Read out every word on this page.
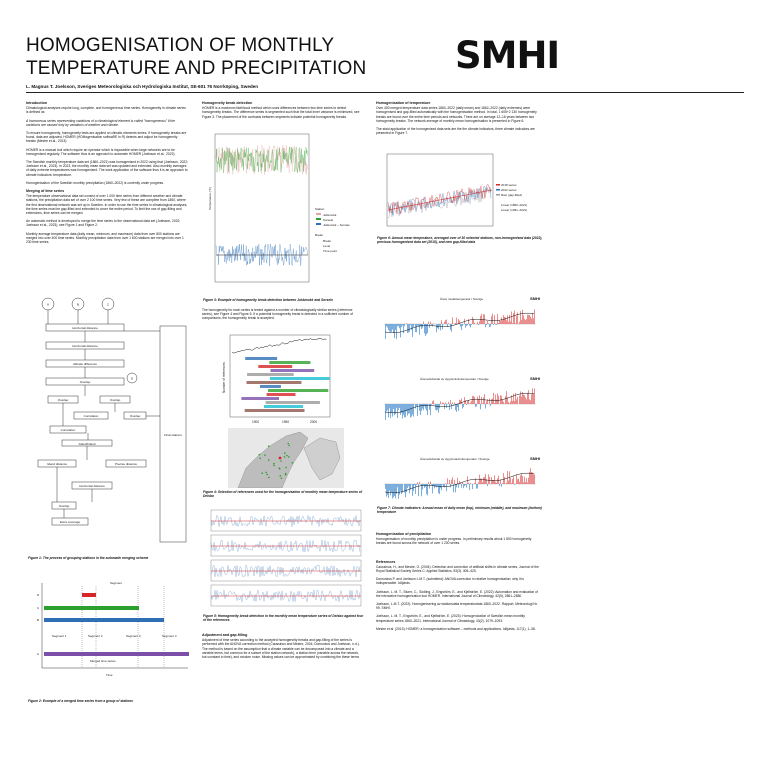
HOMOGENISATION OF MONTHLY
TEMPERATURE AND PRECIPITATION	SMHI
L. Magnus T. Joelsson, Sveriges Meteorologiska och Hydrologiska Institut, SE-601 76 Norrköping, Sweden
Introduction

Climatological analyses require long, complete, and homogeneous time series. Homogeneity in climate series is defined as

A homoneous series representing variations of a climatological element is called "homogeneous" if the variations are caused only by variations of weather and climate.

To ensure homogeneity, homogeneity tests are applied on climatic elements series. If homogeneity breaks are found, data are adjusted. HOMER (HOMogenisation softwaRE in R) detects and adjust for homogeneity breaks (Mestre et al., 2013).

HOMER is a manual tool which require an operator which is impossible when large networks are to be homogenised regularly. The software thus is an approach to automate HOMER (Joelsson et al., 2022).

The Swedish monthly temperature data set (1860–2021) was homogenised in 2022 using that (Joelsson, 2022; Joelsson et al., 2023). In 2023, the monthly mean data set was updated and extended. Also monthly averages of daily extreme temperatures was homogenised. The work application of the software thus it is an approach to climate indicators: temperature.

Homogenisation of the Swedish monthly precipitation (1860–2022) is currently under progress.

Merging of time series

The temperature observational data set consist of over 1 000 time series from different weather and climate stations, the precipitation data set of over 2 100 time series. Very few of these are complete from 1860, where the first observational network was set up in Sweden. In order to use the time series in climatological analyses, the time series must be gap-filled and extended to cover the entire period. To limit the use of gap-filling and extensions, time series can be merged.

An automatic method is developed to merge the time series to the observational data set (Joelsson, 2022; Joelsson et al., 2023), see Figure 1 and Figure 2.

Monthly average temperature data (daily mean, minimum, and maximum) data from over 800 stations are merged into over 400 time series. Monthly precipitation data from over 1 600 stations are merged into over 1 230 time series.

A	B	C
D
Horizontal distance
Horizontal distance
Altitude difference
Overlap
Overlap	Overlap
Correlation
Correlation
Overlap
Island/inland
Island distance	Precise distance
Horizontal distance
Overlap
Extra coverage
Final stations
Figure 1: The process of grouping stations in the automatic merging scheme
D
C
B
A
Segment
Segment 1	Segment 2	Segment 3	Segment 4
Merged time series
Time
Figure 2: Example of a merged time series from a group of stations
Homogeneity break detection

HOMER is a maximum likelihood method which uses differences between two time series to detect homogeneity breaks. The difference series is segmented such that the total inner variance is minimized, see Figure 3. The placement of the contrasts between segments indicate potential homogeneity breaks.

Temperature (°C)	Station
Break
Jokkmokk
Sorsele
Jokkmokk – Sorsele
Break
Level
Time point
Figure 3: Example of homogeneity break detection between Jokkmokk and Sorsele

The homogeneity for each series is tested against a number of climatologically similar series (reference series), see Figure 4 and Figure 5. If a potential homogeneity break is detected in a sufficient number of comparisons, the homogeneity break is accepted.

1900	1950	2000
Number of references
Figure 4: Selection of references used for the homogenisation of monthly mean temperature series of Delsbo
Figure 5: Homogeneity break detection in the monthly mean temperature series of Delsbo against four of the references
Adjustment and gap-filling

Adjustment of time series according to the accepted homogeneity breaks and gap-filling of the series is performed with the ANOVA correction method (Caussinus and Mestre, 2004; Domonkos and Joelsson, n.d.). The method is based on the assumption that a climate variable can be decomposed into a climate and a variable terms, but common for a subset of the station network), a station term (variable across the network, but constant in time), and random noise. Missing values can be approximated by combining the these terms

Homogenisation of temperature

Over 400 merged temperature data series 1860–2022 (daily mean) and 1862–2022 (daily extremes) were homogenised and gap-filled automatically with the homogenisation method. In total, 1 605+2 130 homogeneity breaks are found over the entire time periods and networks. There are on average 12–16 years between two homogeneity breaks. The network average of monthly mean homogenisation is presented in Figure 6.

The staid application of the homogenised data sets are the the climate indicators, three climate indicators are presented in Figure 7.

2018 series
2022 series
Raw (gap-filled)
Linear (1860–2021)
Linear (1991–2021)
Figure 6: Annual mean temperature, averaged over of 30 selected stations, non-homogenised data (2022), previous homogenised data set (2018), and new gap-filled data
SMHI
SMHI
SMHI
Årets medeltemperatur i Sverige
Årsmedelvärde av dygnsminimitemperatur i Sverige
Årsmedelvärde av dygnsmaximitemperatur i Sverige
Figure 7: Climate indicators: Annual mean of daily mean (top), minimum (middle), and maximum (bottom) temperature
Homogenisation of precipitation

Homogenisation of monthly precipitation is under progress. In preliminary results about 1 800 homogeneity breaks are found across the network of over 1 200 series.

References

Caussinus, H., and Mestre, O. (2004). Detection and correction of artificial shifts in climate series, Journal of the Royal Statistical Society Series C: Applied Statistics, 53(3), 405–425.

Domonkos P. and Joelsson L.M.T. (submitted): ANOVA correction in relative homogenisation: why it is indispensable. Idöjárás.

Joelsson, L. M. T., Sturm, C., Södling, J., Engström, E., and Kjellström, E. (2022): Automation and evaluation of the interactive homogenization tool HOMER. International Journal of Climatology, 42(5), 2861–2880.

Joelsson, L.M.T. (2022): Homogenisering av stationsdata temperaturdata 1860–2022. Rapport, Meteorologi Nr. 99. SMHI.

Joelsson, L. M. T., Engström, E., and Kjellström, E. (2023): Homogenization of Swedish mean monthly temperature series 1860–2021. International Journal of Climatology, 43(2), 1079–1093.

Mestre et al. (2013): HOMER: a homogenization software – methods and applications. Idöjárás, 117(1), 1–38.
